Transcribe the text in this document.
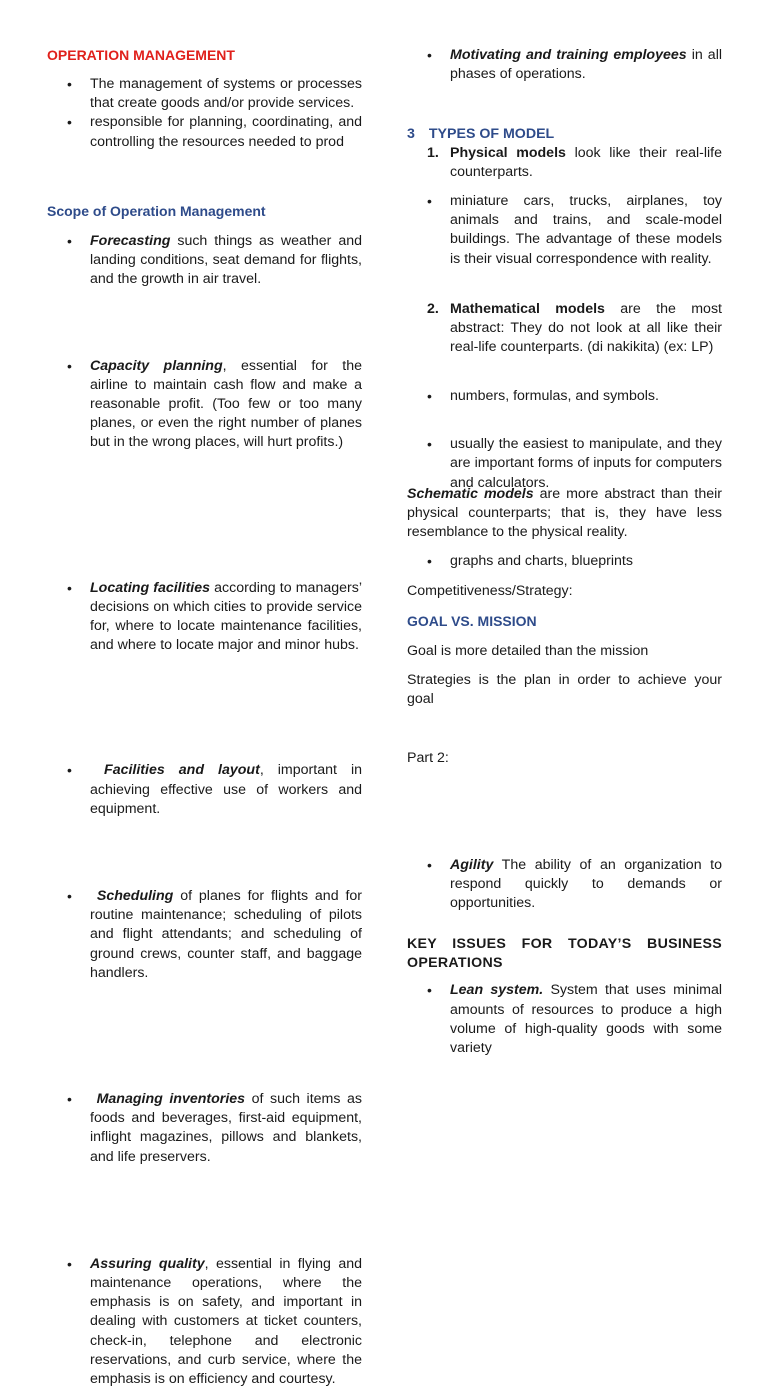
OPERATION MANAGEMENT
• The management of systems or processes that create goods and/or provide services.
• responsible for planning, coordinating, and controlling the resources needed to prod
Scope of Operation Management
• Forecasting such things as weather and landing conditions, seat demand for flights, and the growth in air travel.
• Capacity planning, essential for the airline to maintain cash flow and make a reasonable profit. (Too few or too many planes, or even the right number of planes but in the wrong places, will hurt profits.)
• Locating facilities according to managers’ decisions on which cities to provide service for, where to locate maintenance facilities, and where to locate major and minor hubs.
• Facilities and layout, important in achieving effective use of workers and equipment.
• Scheduling of planes for flights and for routine maintenance; scheduling of pilots and flight attendants; and scheduling of ground crews, counter staff, and baggage handlers.
• Managing inventories of such items as foods and beverages, first-aid equipment, inflight magazines, pillows and blankets, and life preservers.
• Assuring quality, essential in flying and maintenance operations, where the emphasis is on safety, and important in dealing with customers at ticket counters, check-in, telephone and electronic reservations, and curb service, where the emphasis is on efficiency and courtesy.
• Motivating and training employees in all phases of operations.
3 TYPES OF MODEL
1. Physical models look like their real-life counterparts.
• miniature cars, trucks, airplanes, toy animals and trains, and scale-model buildings. The advantage of these models is their visual correspondence with reality.
2. Mathematical models are the most abstract: They do not look at all like their real-life counterparts. (di nakikita) (ex: LP)
• numbers, formulas, and symbols.
• usually the easiest to manipulate, and they are important forms of inputs for computers and calculators.

Schematic models are more abstract than their physical counterparts; that is, they have less resemblance to the physical reality.

• graphs and charts, blueprints

Competitiveness/Strategy:

GOAL VS. MISSION

Goal is more detailed than the mission

Strategies is the plan in order to achieve your goal

Part 2:

• Agility The ability of an organization to respond quickly to demands or opportunities.
• Lean system. System that uses minimal amounts of resources to produce a high volume of high-quality goods with some variety

KEY ISSUES FOR TODAY’S BUSINESS OPERATIONS
